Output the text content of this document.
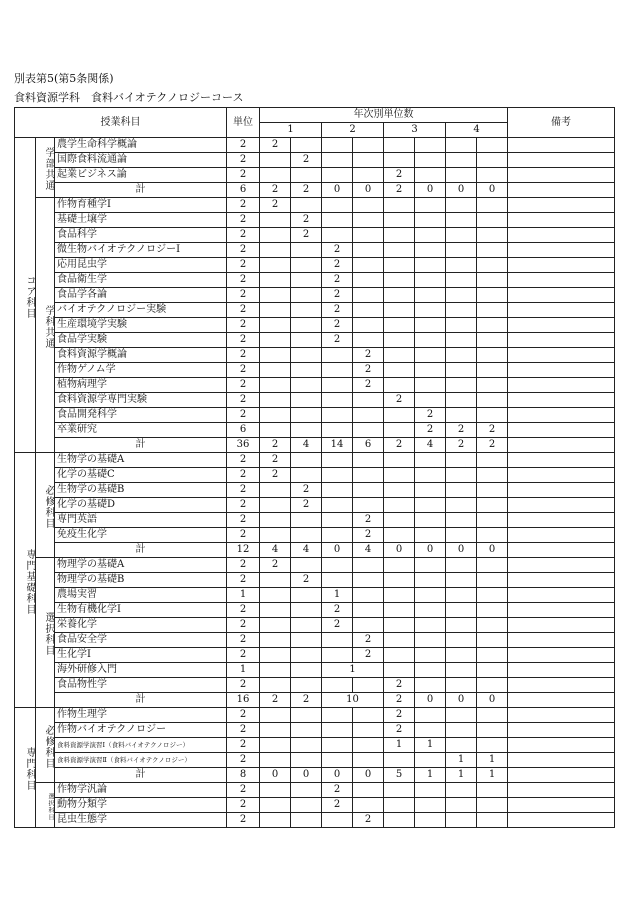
別表第5(第5条関係)
食料資源学科　食料バイオテクノロジーコース
授業科目			単位	年次別単位数								備考
				1		2		3		4		
コア科目	学部共通	農学生命科学概論	2	2								
		国際食料流通論	2		2							
		起業ビジネス論	2					2				
		計	6	2	2	0	0	2	0	0	0	
	学科共通	作物育種学Ⅰ	2	2								
		基礎土壌学	2		2							
		食品科学	2		2							
		微生物バイオテクノロジーⅠ	2			2						
		応用昆虫学	2			2						
		食品衛生学	2			2						
		食品学各論	2			2						
		バイオテクノロジー実験	2			2						
		生産環境学実験	2			2						
		食品学実験	2			2						
		食料資源学概論	2				2					
		作物ゲノム学	2				2					
		植物病理学	2				2					
		食料資源学専門実験	2					2				
		食品開発科学	2						2			
		卒業研究	6						2	2	2	
		計	36	2	4	14	6	2	4	2	2	
専門基礎科目	必修科目	生物学の基礎A	2	2								
		化学の基礎C	2	2								
		生物学の基礎B	2		2							
		化学の基礎D	2		2							
		専門英語	2				2					
		免疫生化学	2				2					
		計	12	4	4	0	4	0	0	0	0	
	選択科目	物理学の基礎A	2	2								
		物理学の基礎B	2		2							
		農場実習	1			1						
		生物有機化学Ⅰ	2			2						
		栄養化学	2			2						
		食品安全学	2				2					
		生化学Ⅰ	2				2					
		海外研修入門	1			1						
		食品物性学	2					2				
		計	16	2	2	10		2	0	0	0	
専門科目	必修科目	作物生理学	2					2				
		作物バイオテクノロジー	2					2				
		食料資源学演習Ⅰ（食料バイオテクノロジー）	2					1	1			
		食料資源学演習Ⅱ（食料バイオテクノロジー）	2							1	1	
		計	8	0	0	0	0	5	1	1	1	
	選択科目	作物学汎論	2			2						
		動物分類学	2			2						
		昆虫生態学	2				2					
